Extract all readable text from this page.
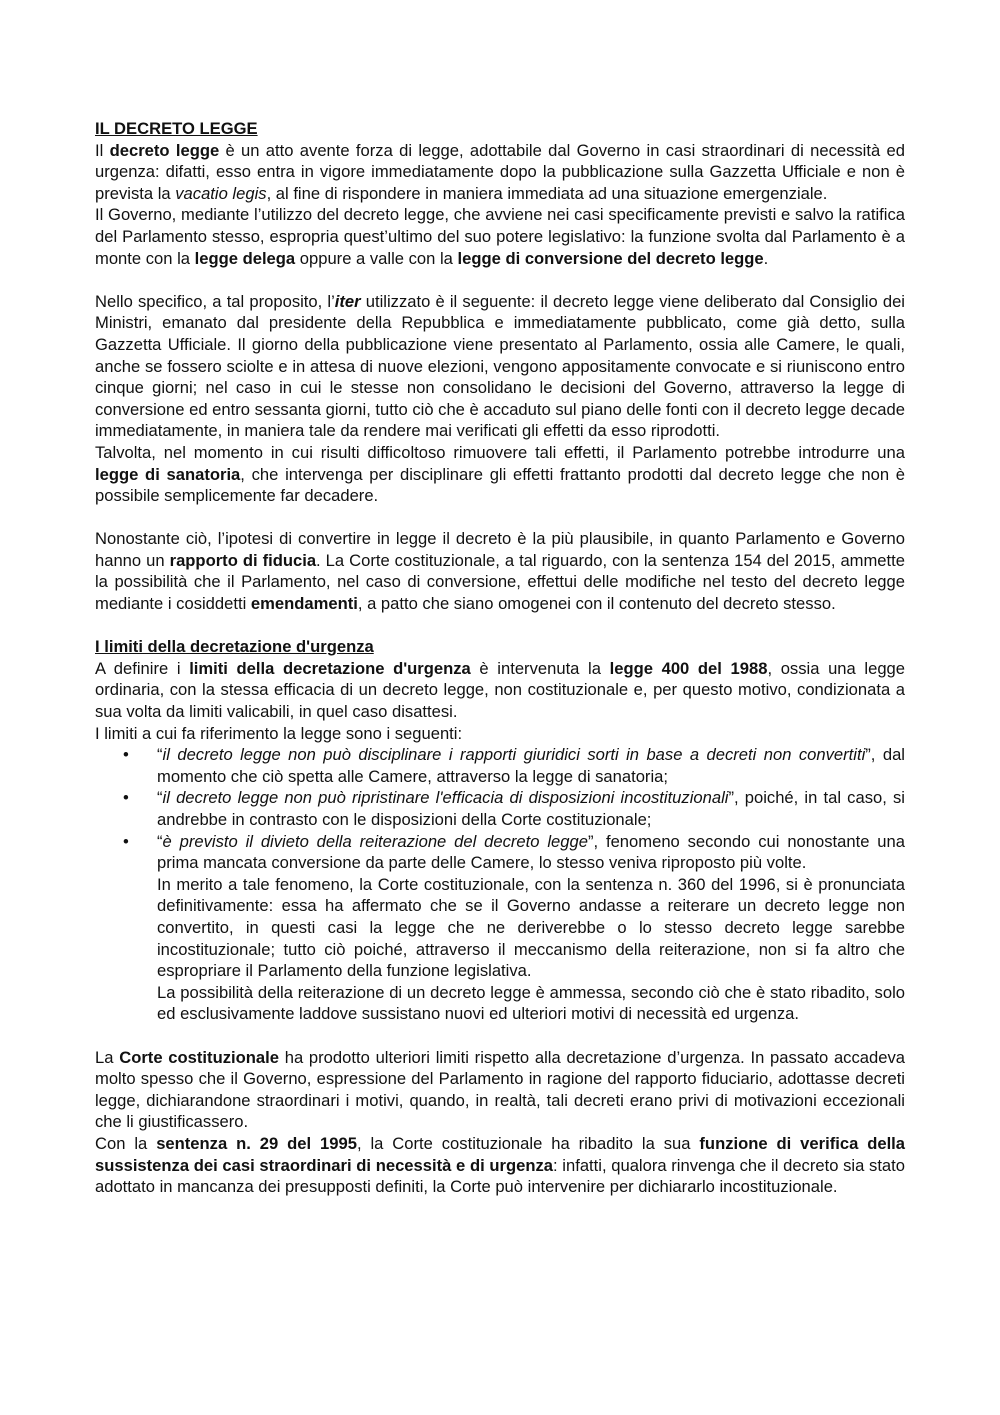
IL DECRETO LEGGE

Il decreto legge è un atto avente forza di legge, adottabile dal Governo in casi straordinari di necessità ed urgenza: difatti, esso entra in vigore immediatamente dopo la pubblicazione sulla Gazzetta Ufficiale e non è prevista la vacatio legis, al fine di rispondere in maniera immediata ad una situazione emergenziale.

Il Governo, mediante l’utilizzo del decreto legge, che avviene nei casi specificamente previsti e salvo la ratifica del Parlamento stesso, espropria quest’ultimo del suo potere legislativo: la funzione svolta dal Parlamento è a monte con la legge delega oppure a valle con la legge di conversione del decreto legge.

Nello specifico, a tal proposito, l’iter utilizzato è il seguente: il decreto legge viene deliberato dal Consiglio dei Ministri, emanato dal presidente della Repubblica e immediatamente pubblicato, come già detto, sulla Gazzetta Ufficiale. Il giorno della pubblicazione viene presentato al Parlamento, ossia alle Camere, le quali, anche se fossero sciolte e in attesa di nuove elezioni, vengono appositamente convocate e si riuniscono entro cinque giorni; nel caso in cui le stesse non consolidano le decisioni del Governo, attraverso la legge di conversione ed entro sessanta giorni, tutto ciò che è accaduto sul piano delle fonti con il decreto legge decade immediatamente, in maniera tale da rendere mai verificati gli effetti da esso riprodotti.

Talvolta, nel momento in cui risulti difficoltoso rimuovere tali effetti, il Parlamento potrebbe introdurre una legge di sanatoria, che intervenga per disciplinare gli effetti frattanto prodotti dal decreto legge che non è possibile semplicemente far decadere.

Nonostante ciò, l’ipotesi di convertire in legge il decreto è la più plausibile, in quanto Parlamento e Governo hanno un rapporto di fiducia. La Corte costituzionale, a tal riguardo, con la sentenza 154 del 2015, ammette la possibilità che il Parlamento, nel caso di conversione, effettui delle modifiche nel testo del decreto legge mediante i cosiddetti emendamenti, a patto che siano omogenei con il contenuto del decreto stesso.

I limiti della decretazione d'urgenza

A definire i limiti della decretazione d'urgenza è intervenuta la legge 400 del 1988, ossia una legge ordinaria, con la stessa efficacia di un decreto legge, non costituzionale e, per questo motivo, condizionata a sua volta da limiti valicabili, in quel caso disattesi.

I limiti a cui fa riferimento la legge sono i seguenti:

• “il decreto legge non può disciplinare i rapporti giuridici sorti in base a decreti non convertiti”, dal momento che ciò spetta alle Camere, attraverso la legge di sanatoria;
• “il decreto legge non può ripristinare l'efficacia di disposizioni incostituzionali”, poiché, in tal caso, si andrebbe in contrasto con le disposizioni della Corte costituzionale;
• “è previsto il divieto della reiterazione del decreto legge”, fenomeno secondo cui nonostante una prima mancata conversione da parte delle Camere, lo stesso veniva riproposto più volte.
In merito a tale fenomeno, la Corte costituzionale, con la sentenza n. 360 del 1996, si è pronunciata definitivamente: essa ha affermato che se il Governo andasse a reiterare un decreto legge non convertito, in questi casi la legge che ne deriverebbe o lo stesso decreto legge sarebbe incostituzionale; tutto ciò poiché, attraverso il meccanismo della reiterazione, non si fa altro che espropriare il Parlamento della funzione legislativa.
La possibilità della reiterazione di un decreto legge è ammessa, secondo ciò che è stato ribadito, solo ed esclusivamente laddove sussistano nuovi ed ulteriori motivi di necessità ed urgenza.

La Corte costituzionale ha prodotto ulteriori limiti rispetto alla decretazione d’urgenza. In passato accadeva molto spesso che il Governo, espressione del Parlamento in ragione del rapporto fiduciario, adottasse decreti legge, dichiarandone straordinari i motivi, quando, in realtà, tali decreti erano privi di motivazioni eccezionali che li giustificassero.

Con la sentenza n. 29 del 1995, la Corte costituzionale ha ribadito la sua funzione di verifica della sussistenza dei casi straordinari di necessità e di urgenza: infatti, qualora rinvenga che il decreto sia stato adottato in mancanza dei presupposti definiti, la Corte può intervenire per dichiararlo incostituzionale.
